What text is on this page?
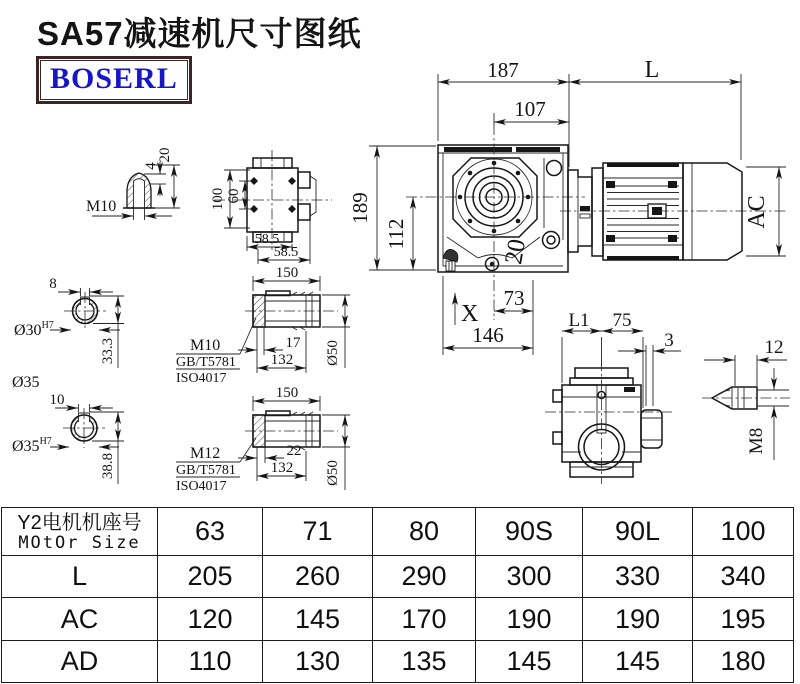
SA57减速机尺寸图纸
BOSERL
M10
4
20
100 60
58.5
58.5
8
$Ø30^{H7}$
33.3
Ø35
10
$Ø35^{H7}$
38.8
150
Ø50
17
132
M10
GB/T5781
ISO4017
150
Ø50
22
132
M12
GB/T5781
ISO4017
20
187	L
107
189
112
X
73
146
AC
L1 75
3	12
M8
Y2电机机座号
MOtOr Size	63	71	80	90S	90L	100
L	205	260	290	300	330	340
AC	120	145	170	190	190	195
AD	110	130	135	145	145	180
